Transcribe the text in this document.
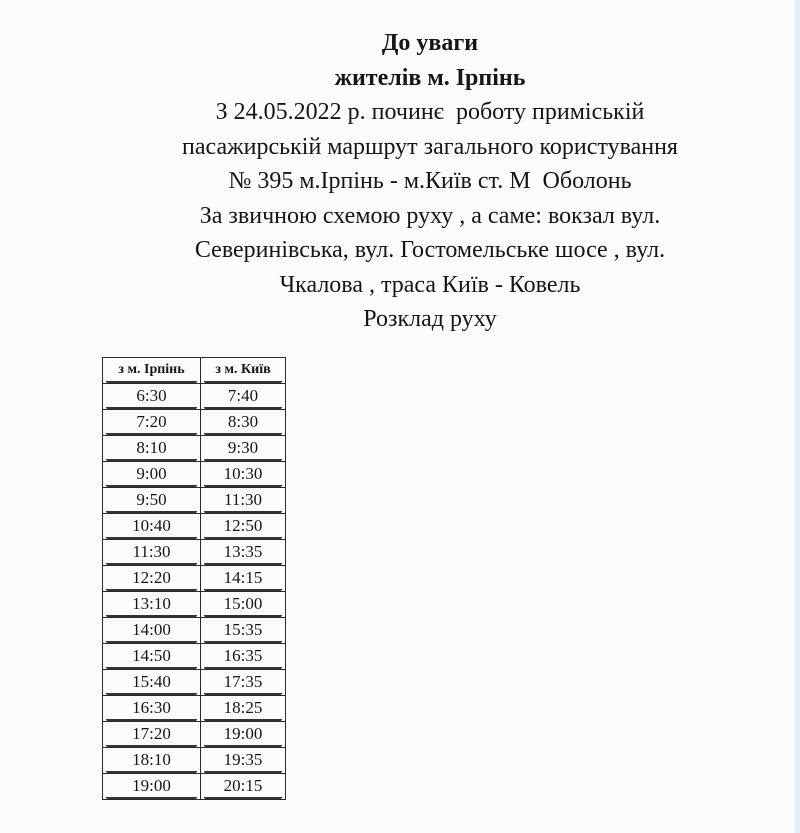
До уваги
жителів м. Ірпінь
З 24.05.2022 р. починє  роботу приміській
пасажирській маршрут загального користування
№ 395 м.Ірпінь - м.Київ ст. М  Оболонь
За звичною схемою руху , а саме: вокзал вул.
Северинівська, вул. Гостомельське шосе , вул.
Чкалова , траса Київ - Ковель
Розклад руху
з м. Ірпінь	з м. Київ

6:30	7:40

7:20	8:30

8:10	9:30

9:00	10:30

9:50	11:30

10:40	12:50

11:30	13:35

12:20	14:15

13:10	15:00

14:00	15:35

14:50	16:35

15:40	17:35

16:30	18:25

17:20	19:00

18:10	19:35

19:00	20:15
